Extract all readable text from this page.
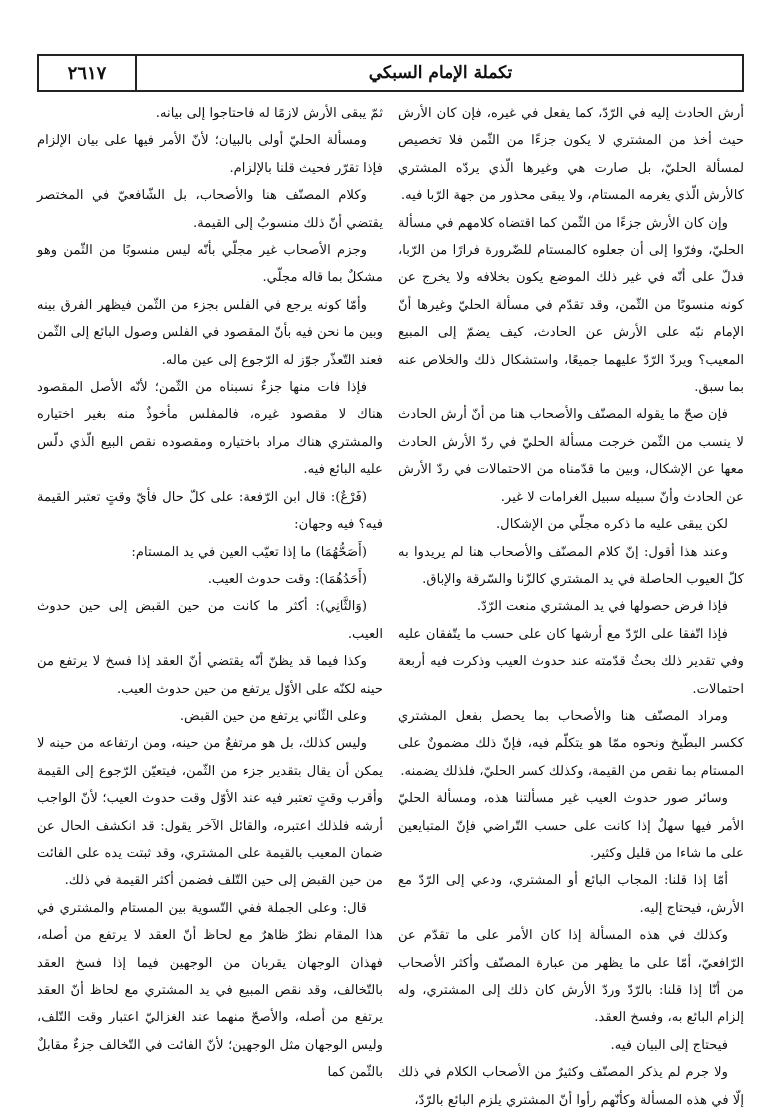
تكملة الإمام السبكي
٢٦١٧

أرش الحادث إليه في الرّدّ، كما يفعل في غيره، فإن كان الأرش حيث أخذ من المشتري لا يكون جزءًا من الثّمن فلا تخصيص لمسألة الحليّ، بل صارت هي وغيرها الّذي يردّه المشتري كالأرش الّذي يغرمه المستام، ولا يبقى محذور من جهة الرّبا فيه.

وإن كان الأرش جزءًا من الثّمن كما اقتضاه كلامهم في مسألة الحليّ، وفرّوا إلى أن جعلوه كالمستام للضّرورة فرارًا من الرّبا، فدلّ على أنّه في غير ذلك الموضع يكون بخلافه ولا يخرج عن كونه منسوبًا من الثّمن، وقد تقدّم في مسألة الحليّ وغيرها أنّ الإمام نبّه على الأرش عن الحادث، كيف يضمّ إلى المبيع المعيب؟ ويردّ الرّدّ عليهما جميعًا، واستشكال ذلك والخلاص عنه بما سبق.

فإن صحّ ما يقوله المصنّف والأصحاب هنا من أنّ أرش الحادث لا ينسب من الثّمن خرجت مسألة الحليّ في ردّ الأرش الحادث معها عن الإشكال، وبين ما قدّمناه من الاحتمالات في ردّ الأرش عن الحادث وأنّ سبيله سبيل الغرامات لا غير.

لكن يبقى عليه ما ذكره مجلّي من الإشكال.

وعند هذا أقول: إنّ كلام المصنّف والأصحاب هنا لم يريدوا به كلّ العيوب الحاصلة في يد المشتري كالزّنا والسّرقة والإباق.

فإذا فرض حصولها في يد المشتري منعت الرّدّ.

فإذا اتّفقا على الرّدّ مع أرشها كان على حسب ما يتّفقان عليه وفي تقدير ذلك بحثٌ قدّمته عند حدوث العيب وذكرت فيه أربعة احتمالات.

ومراد المصنّف هنا والأصحاب بما يحصل بفعل المشتري ككسر البطّيخ ونحوه ممّا هو يتكلّم فيه، فإنّ ذلك مضمونٌ على المستام بما نقص من القيمة، وكذلك كسر الحليّ، فلذلك يضمنه.

وسائر صور حدوث العيب غير مسألتنا هذه، ومسألة الحليّ الأمر فيها سهلٌ إذا كانت على حسب التّراضي فإنّ المتبايعين على ما شاءا من قليل وكثير.

أمّا إذا قلنا: المجاب البائع أو المشتري، ودعي إلى الرّدّ مع الأرش، فيحتاج إليه.

وكذلك في هذه المسألة إذا كان الأمر على ما تقدّم عن الرّافعيّ، أمّا على ما يظهر من عبارة المصنّف وأكثر الأصحاب من أنّا إذا قلنا: بالرّدّ وردّ الأرش كان ذلك إلى المشتري، وله إلزام البائع به، وفسخ العقد.

فيحتاج إلى البيان فيه.

ولا جرم لم يذكر المصنّف وكثيرٌ من الأصحاب الكلام في ذلك إلّا في هذه المسألة وكأنّهم رأوا أنّ المشتري يلزم البائع بالرّدّ،

ثمّ يبقى الأرش لازمًا له فاحتاجوا إلى بيانه.

ومسألة الحليّ أولى بالبيان؛ لأنّ الأمر فيها على بيان الإلزام فإذا تقرّر فحيث قلنا بالإلزام.

وكلام المصنّف هنا والأصحاب، بل الشّافعيّ في المختصر يقتضي أنّ ذلك منسوبٌ إلى القيمة.

وجزم الأصحاب غير مجلّي بأنّه ليس منسوبًا من الثّمن وهو مشكلٌ بما قاله مجلّي.

وأمّا كونه يرجع في الفلس بجزء من الثّمن فيظهر الفرق بينه وبين ما نحن فيه بأنّ المقصود في الفلس وصول البائع إلى الثّمن فعند التّعذّر جوّز له الرّجوع إلى عين ماله.

فإذا فات منها جزءٌ نسبناه من الثّمن؛ لأنّه الأصل المقصود هناك لا مقصود غيره، فالمفلس مأخوذٌ منه بغير اختياره والمشتري هناك مراد باختياره ومقصوده نقص البيع الّذي دلّس عليه البائع فيه.

(فَرْعٌ): قال ابن الرّفعة: على كلّ حال فأيّ وقتٍ تعتبر القيمة فيه؟ فيه وجهان:

(أَصَحُّهُمَا) ما إذا تعيّب العين في يد المستام:

(أَحَدُهُمَا): وقت حدوث العيب.

(وَالثَّانِي): أكثر ما كانت من حين القبض إلى حين حدوث العيب.

وكذا فيما قد يظنّ أنّه يقتضي أنّ العقد إذا فسخ لا يرتفع من حينه لكنّه على الأوّل يرتفع من حين حدوث العيب.

وعلى الثّاني يرتفع من حين القبض.

وليس كذلك، بل هو مرتفعٌ من حينه، ومن ارتفاعه من حينه لا يمكن أن يقال بتقدير جزء من الثّمن، فيتعيّن الرّجوع إلى القيمة وأقرب وقتٍ تعتبر فيه عند الأوّل وقت حدوث العيب؛ لأنّ الواجب أرشه فلذلك اعتبره، والقائل الآخر يقول: قد انكشف الحال عن ضمان المعيب بالقيمة على المشتري، وقد ثبتت يده على الفائت من حين القبض إلى حين التّلف فضمن أكثر القيمة في ذلك.

قال: وعلى الجملة ففي التّسوية بين المستام والمشتري في هذا المقام نظرٌ ظاهرٌ مع لحاظ أنّ العقد لا يرتفع من أصله، فهذان الوجهان يقربان من الوجهين فيما إذا فسخ العقد بالتّخالف، وقد نقص المبيع في يد المشتري مع لحاظ أنّ العقد يرتفع من أصله، والأصحّ منهما عند الغزاليّ اعتبار وقت التّلف، وليس الوجهان مثل الوجهين؛ لأنّ الفائت في التّخالف جزءٌ مقابلٌ بالثّمن كما
